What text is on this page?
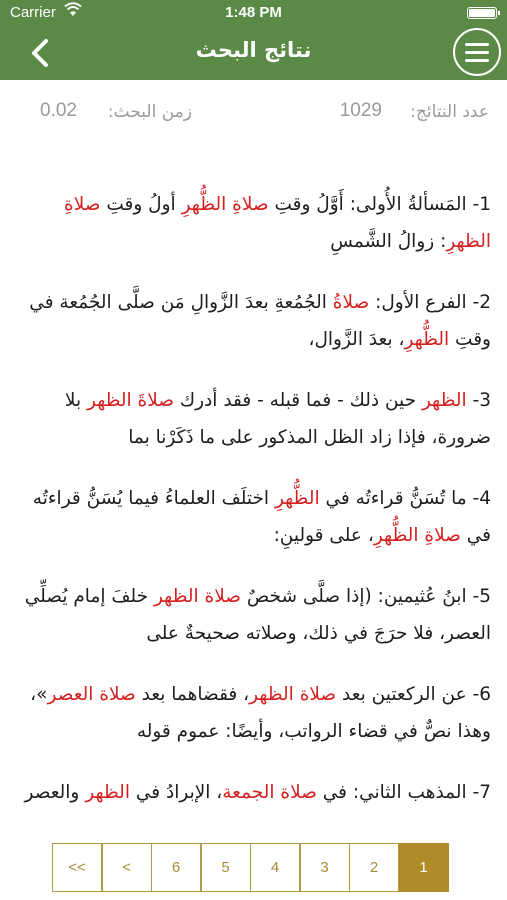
Carrier	1:48 PM
نتائج البحث
عدد النتائج:
1029
زمن البحث:
0.02
1- المَسألةُ الأُولى: أَوَّلُ وقتِ صلاةِ الظُّهرِ أولُ وقتِ صلاةِ الظهرِ: زوالُ الشَّمسِ
2- الفرع الأول: صلاةُ الجُمُعةِ بعدَ الزَّوالِ مَن صلَّى الجُمُعة في وقتِ الظُّهرِ، بعدَ الزَّوال،
3- الظهر حين ذلك - فما قبله - فقد أدرك صلاةَ الظهر بلا ضرورة، فإذا زاد الظل المذكور على ما ذَكَرْنا بما
4- ما تُسَنُّ قراءتُه في الظُّهرِ اختلَف العلماءُ فيما يُسَنُّ قراءتُه في صلاةِ الظُّهرِ، على قولينِ:
5- ابنُ عُثيمين: (إذا صلَّى شخصٌ صلاة الظهر خلفَ إمام يُصلِّي العصر، فلا حرَجَ في ذلك، وصلاته صحيحةٌ على
6- عن الركعتين بعد صلاة الظهر، فقضاهما بعد صلاة العصر»، وهذا نصٌّ في قضاء الرواتب، وأيضًا: عموم قوله
7- المذهب الثاني: في صلاة الجمعة، الإبرادُ في الظهر والعصر
<<	<	6	5	4	3	2	1
